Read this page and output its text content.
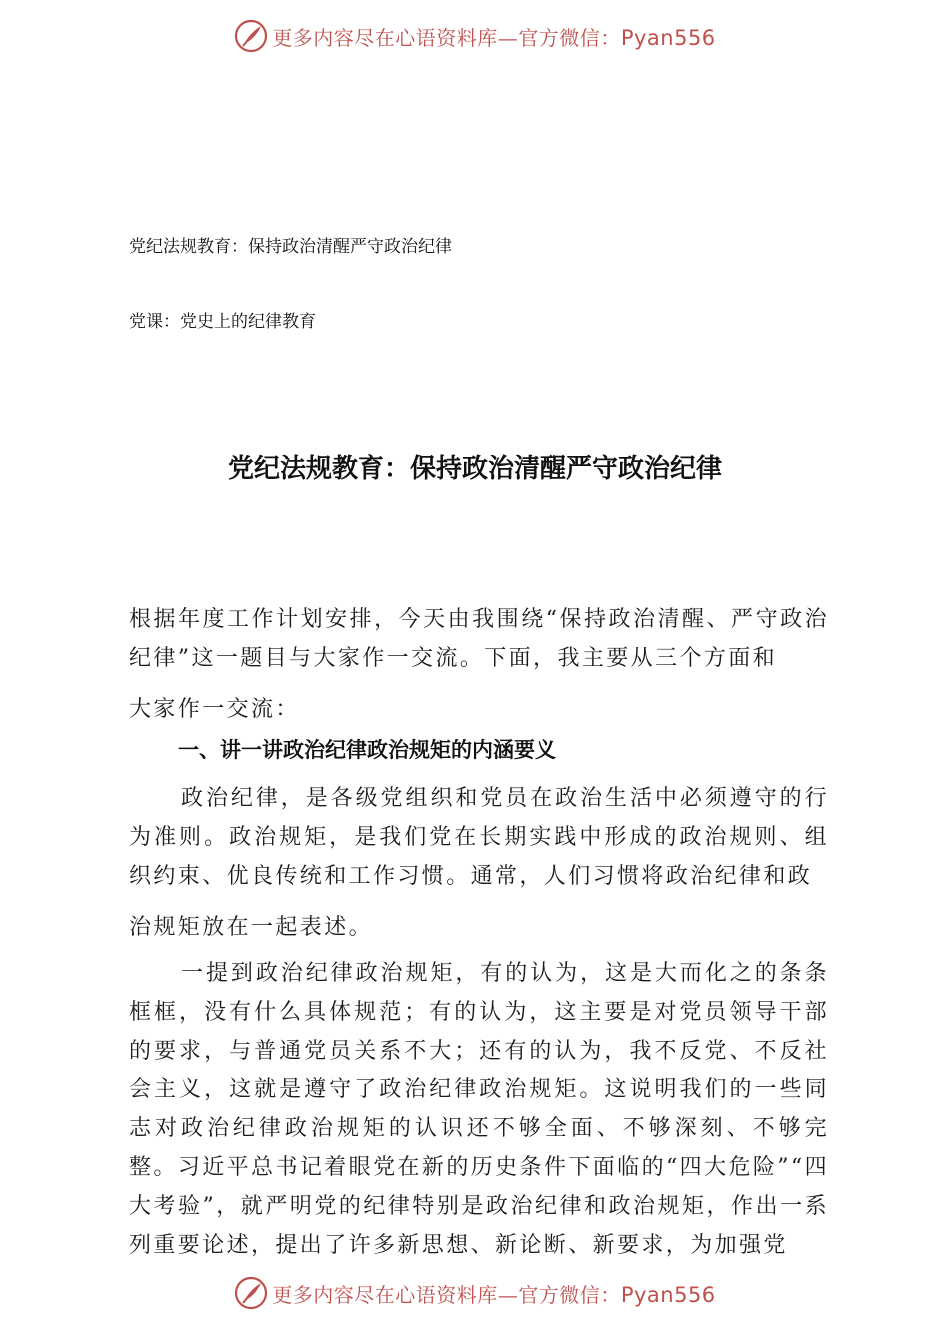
更多内容尽在心语资料库—官方微信：Pyan556
党纪法规教育：保持政治清醒严守政治纪律
党课：党史上的纪律教育
党纪法规教育：保持政治清醒严守政治纪律
根据年度工作计划安排，今天由我围绕“保持政治清醒、严守政治纪律”这一题目与大家作一交流。下面，我主要从三个方面和
大家作一交流：
一、讲一讲政治纪律政治规矩的内涵要义
政治纪律，是各级党组织和党员在政治生活中必须遵守的行为准则。政治规矩，是我们党在长期实践中形成的政治规则、组织约束、优良传统和工作习惯。通常，人们习惯将政治纪律和政
治规矩放在一起表述。
一提到政治纪律政治规矩，有的认为，这是大而化之的条条框框，没有什么具体规范；有的认为，这主要是对党员领导干部的要求，与普通党员关系不大；还有的认为，我不反党、不反社会主义，这就是遵守了政治纪律政治规矩。这说明我们的一些同志对政治纪律政治规矩的认识还不够全面、不够深刻、不够完整。习近平总书记着眼党在新的历史条件下面临的“四大危险”“四大考验”，就严明党的纪律特别是政治纪律和政治规矩，作出一系列重要论述，提出了许多新思想、新论断、新要求，为加强党
更多内容尽在心语资料库—官方微信：Pyan556
